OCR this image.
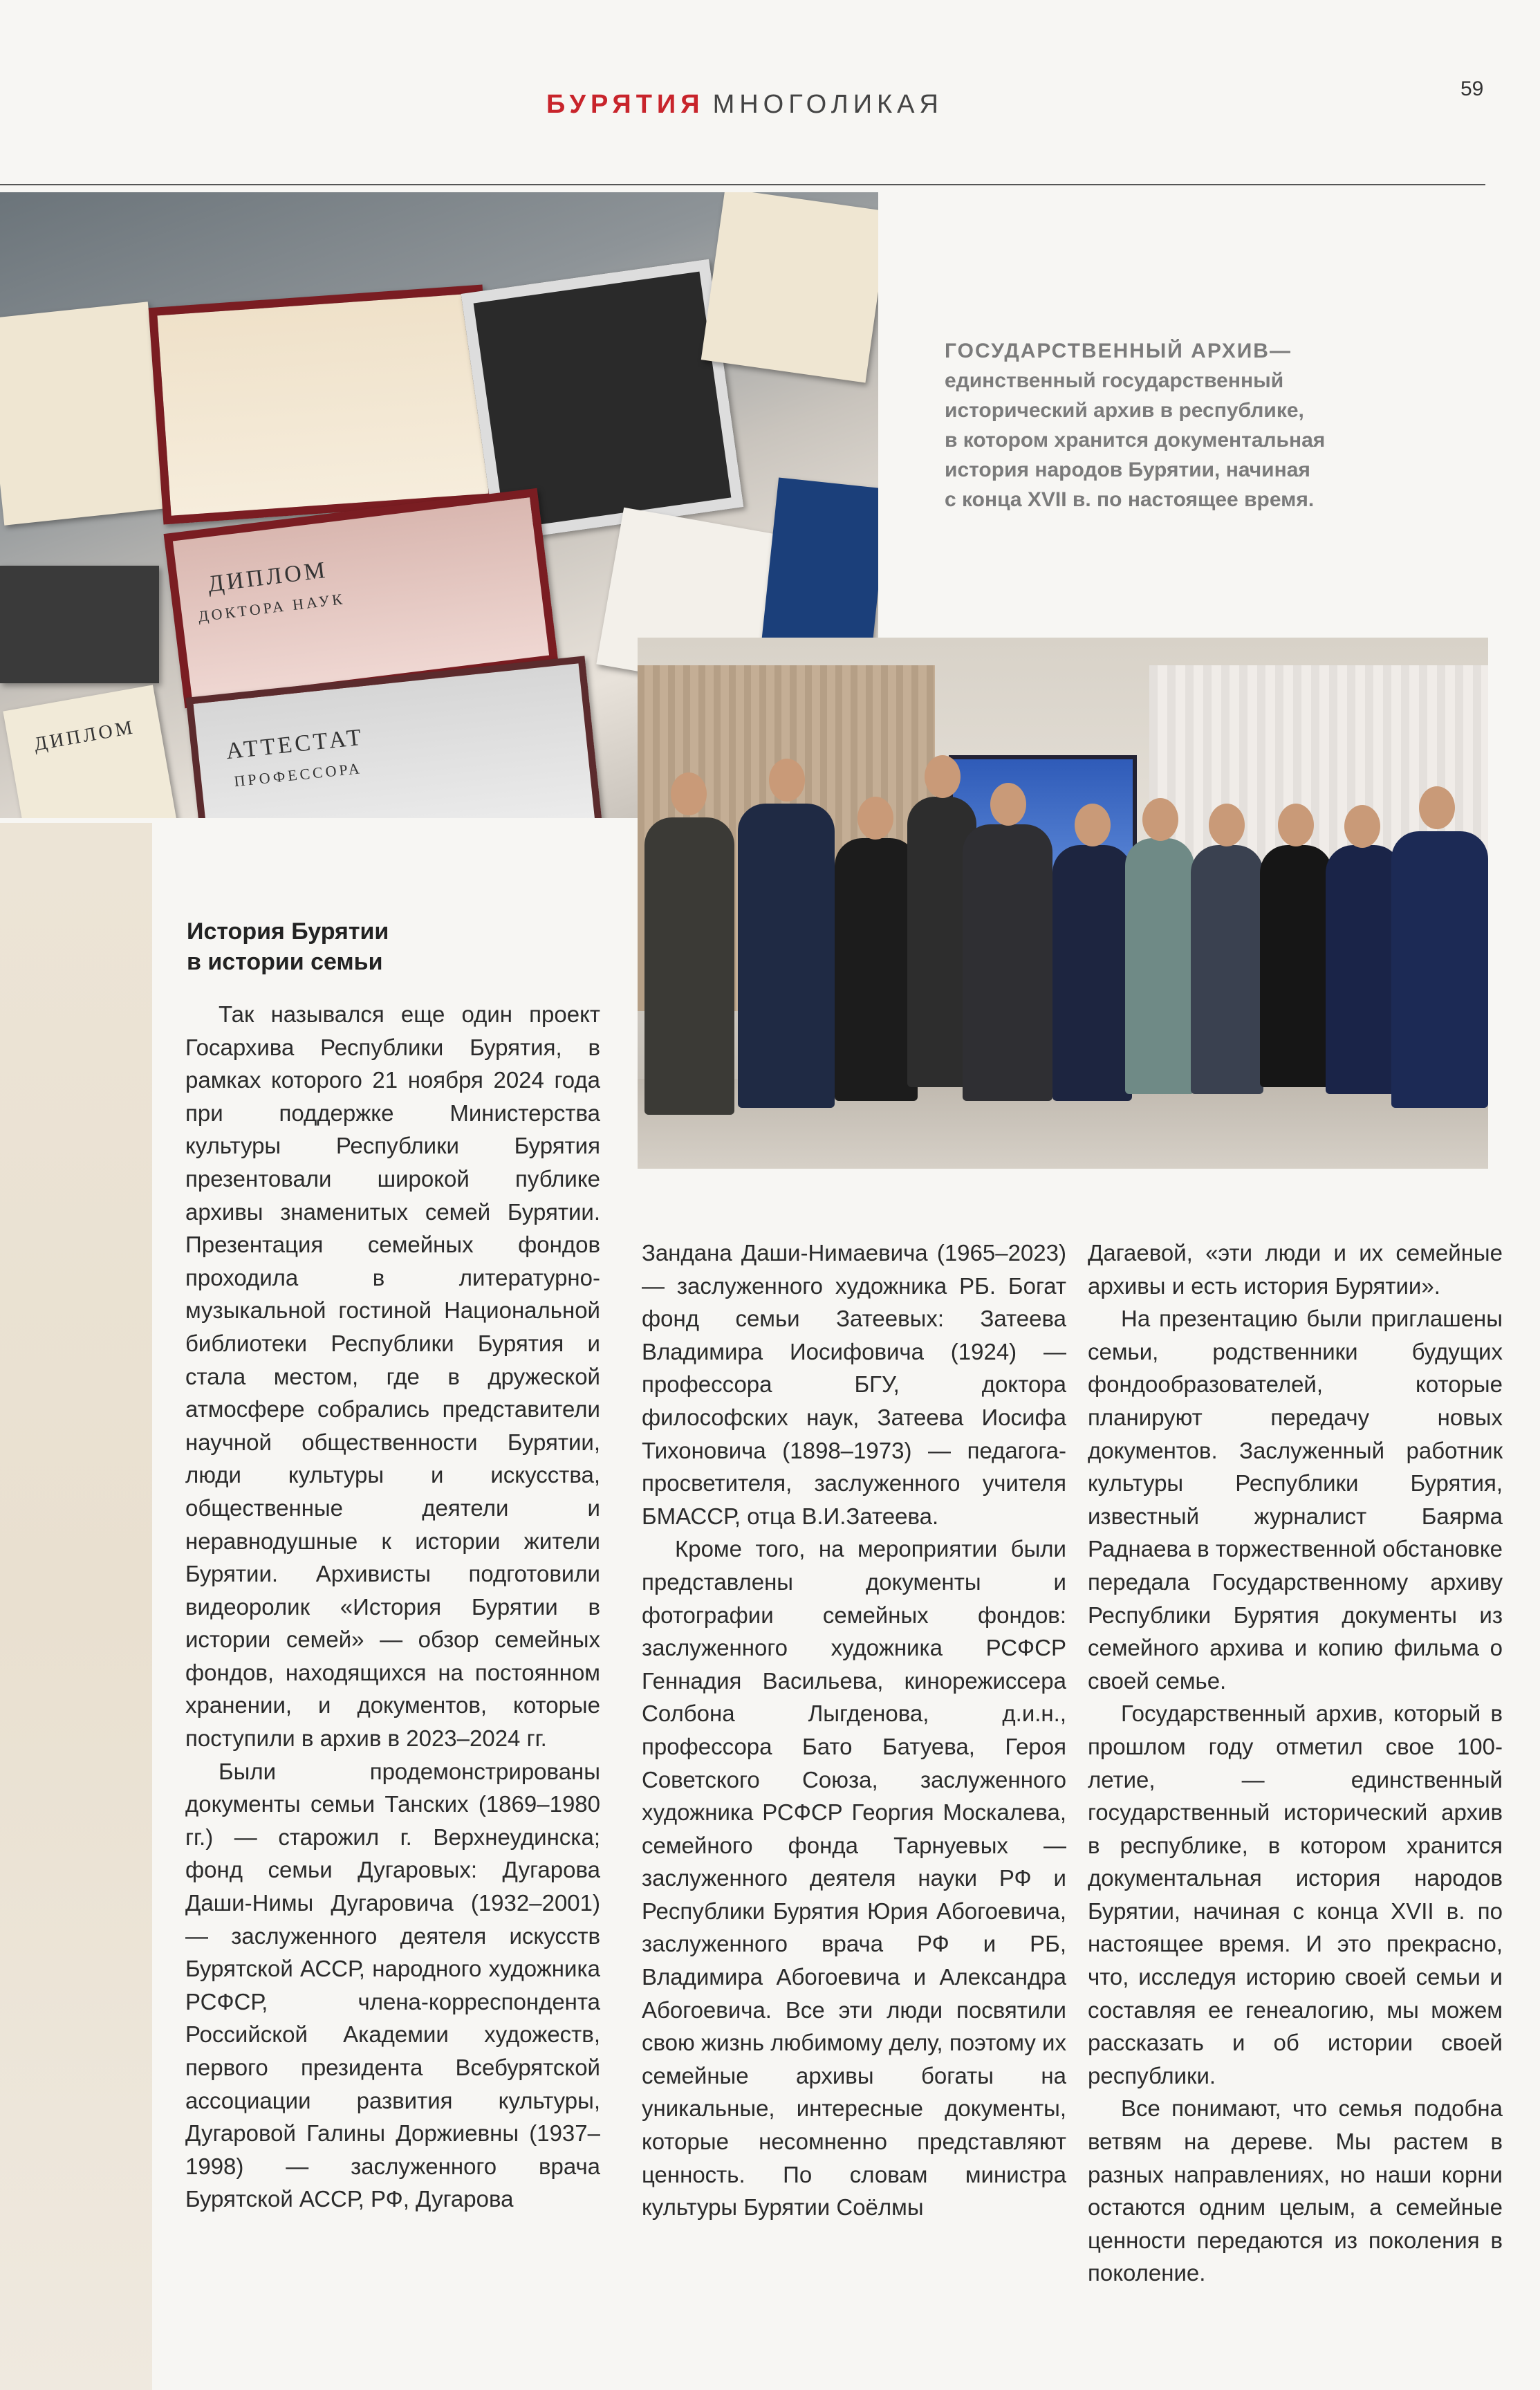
БУРЯТИЯ МНОГОЛИКАЯ
59
ДИПЛОМ
ДОКТОРА НАУК
АТТЕСТАТ
ПРОФЕССОРА
ДИПЛОМ
ГОСУДАРСТВЕННЫЙ АРХИВ—
единственный государственный
исторический архив в республике,
в котором хранится документальная
история народов Бурятии, начиная
с конца XVII в. по настоящее время.
История Бурятии
в истории семьи

Так назывался еще один проект Госархива Республики Бурятия, в рамках которого 21 ноября 2024 года при поддержке Министерства культуры Республики Бурятия презентовали широкой публике архивы знаменитых семей Бурятии. Презентация семейных фондов проходила в литературно-музыкальной гостиной Национальной библиотеки Республики Бурятия и стала местом, где в дружеской атмосфере собрались представители научной общественности Бурятии, люди культуры и искусства, общественные деятели и неравнодушные к истории жители Бурятии. Архивисты подготовили видеоролик «История Бурятии в истории семей» — обзор семейных фондов, находящихся на постоянном хранении, и документов, которые поступили в архив в 2023–2024 гг.

Были продемонстрированы документы семьи Танских (1869–1980 гг.) — старожил г. Верхнеудинска; фонд семьи Дугаровых: Дугарова Даши-Нимы Дугаровича (1932–2001) — заслуженного деятеля искусств Бурятской АССР, народного художника РСФСР, члена-корреспондента Российской Академии художеств, первого президента Всебурятской ассоциации развития культуры, Дугаровой Галины Доржиевны (1937–1998) — заслуженного врача Бурятской АССР, РФ, Дугарова

Зандана Даши-Нимаевича (1965–2023) — заслуженного художника РБ. Богат фонд семьи Затеевых: Затеева Владимира Иосифовича (1924) — профессора БГУ, доктора философских наук, Затеева Иосифа Тихоновича (1898–1973) — педагога-просветителя, заслуженного учителя БМАССР, отца В.И.Затеева.

Кроме того, на мероприятии были представлены документы и фотографии семейных фондов: заслуженного художника РСФСР Геннадия Васильева, кинорежиссера Солбона Лыгденова, д.и.н., профессора Бато Батуева, Героя Советского Союза, заслуженного художника РСФСР Георгия Москалева, семейного фонда Тарнуевых — заслуженного деятеля науки РФ и Республики Бурятия Юрия Абогоевича, заслуженного врача РФ и РБ, Владимира Абогоевича и Александра Абогоевича. Все эти люди посвятили свою жизнь любимому делу, поэтому их семейные архивы богаты на уникальные, интересные документы, которые несомненно представляют ценность. По словам министра культуры Бурятии Соёлмы

Дагаевой, «эти люди и их семейные архивы и есть история Бурятии».

На презентацию были приглашены семьи, родственники будущих фондообразователей, которые планируют передачу новых документов. Заслуженный работник культуры Республики Бурятия, известный журналист Баярма Раднаева в торжественной обстановке передала Государственному архиву Республики Бурятия документы из семейного архива и копию фильма о своей семье.

Государственный архив, который в прошлом году отметил свое 100-летие, — единственный государственный исторический архив в республике, в котором хранится документальная история народов Бурятии, начиная с конца XVII в. по настоящее время. И это прекрасно, что, исследуя историю своей семьи и составляя ее генеалогию, мы можем рассказать и об истории своей республики.

Все понимают, что семья подобна ветвям на дереве. Мы растем в разных направлениях, но наши корни остаются одним целым, а семейные ценности передаются из поколения в поколение.
